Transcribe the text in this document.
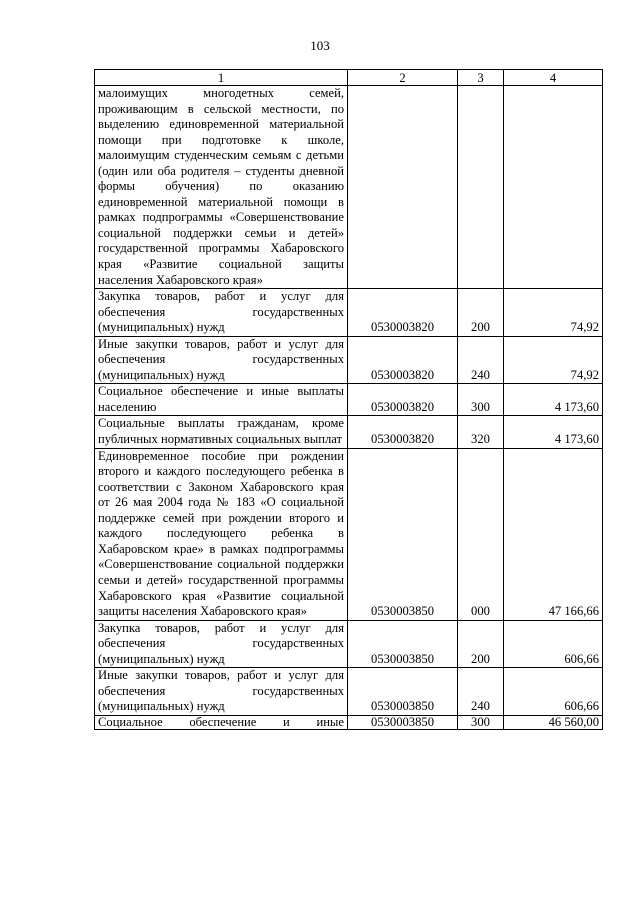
103
1	2	3	4
малоимущих многодетных семей, проживающим в сельской местности, по выделению единовременной материальной помощи при подготовке к школе, малоимущим студенческим семьям с детьми (один или оба родителя – студенты дневной формы обучения) по оказанию единовременной материальной помощи в рамках подпрограммы «Совершенствование социальной поддержки семьи и детей» государственной программы Хабаровского края «Развитие социальной защиты населения Хабаровского края»			
Закупка товаров, работ и услуг для обеспечения государственных (муниципальных) нужд	0530003820	200	74,92
Иные закупки товаров, работ и услуг для обеспечения государственных (муниципальных) нужд	0530003820	240	74,92
Социальное обеспечение и иные выплаты населению	0530003820	300	4 173,60
Социальные выплаты гражданам, кроме публичных нормативных социальных выплат	0530003820	320	4 173,60
Единовременное пособие при рождении второго и каждого последующего ребенка в соответствии с Законом Хабаровского края от 26 мая 2004 года № 183 «О социальной поддержке семей при рождении второго и каждого последующего ребенка в Хабаровском крае» в рамках подпрограммы «Совершенствование социальной поддержки семьи и детей» государственной программы Хабаровского края «Развитие социальной защиты населения Хабаровского края»	0530003850	000	47 166,66
Закупка товаров, работ и услуг для обеспечения государственных (муниципальных) нужд	0530003850	200	606,66
Иные закупки товаров, работ и услуг для обеспечения государственных (муниципальных) нужд	0530003850	240	606,66
Социальное обеспечение и иные	0530003850	300	46 560,00
